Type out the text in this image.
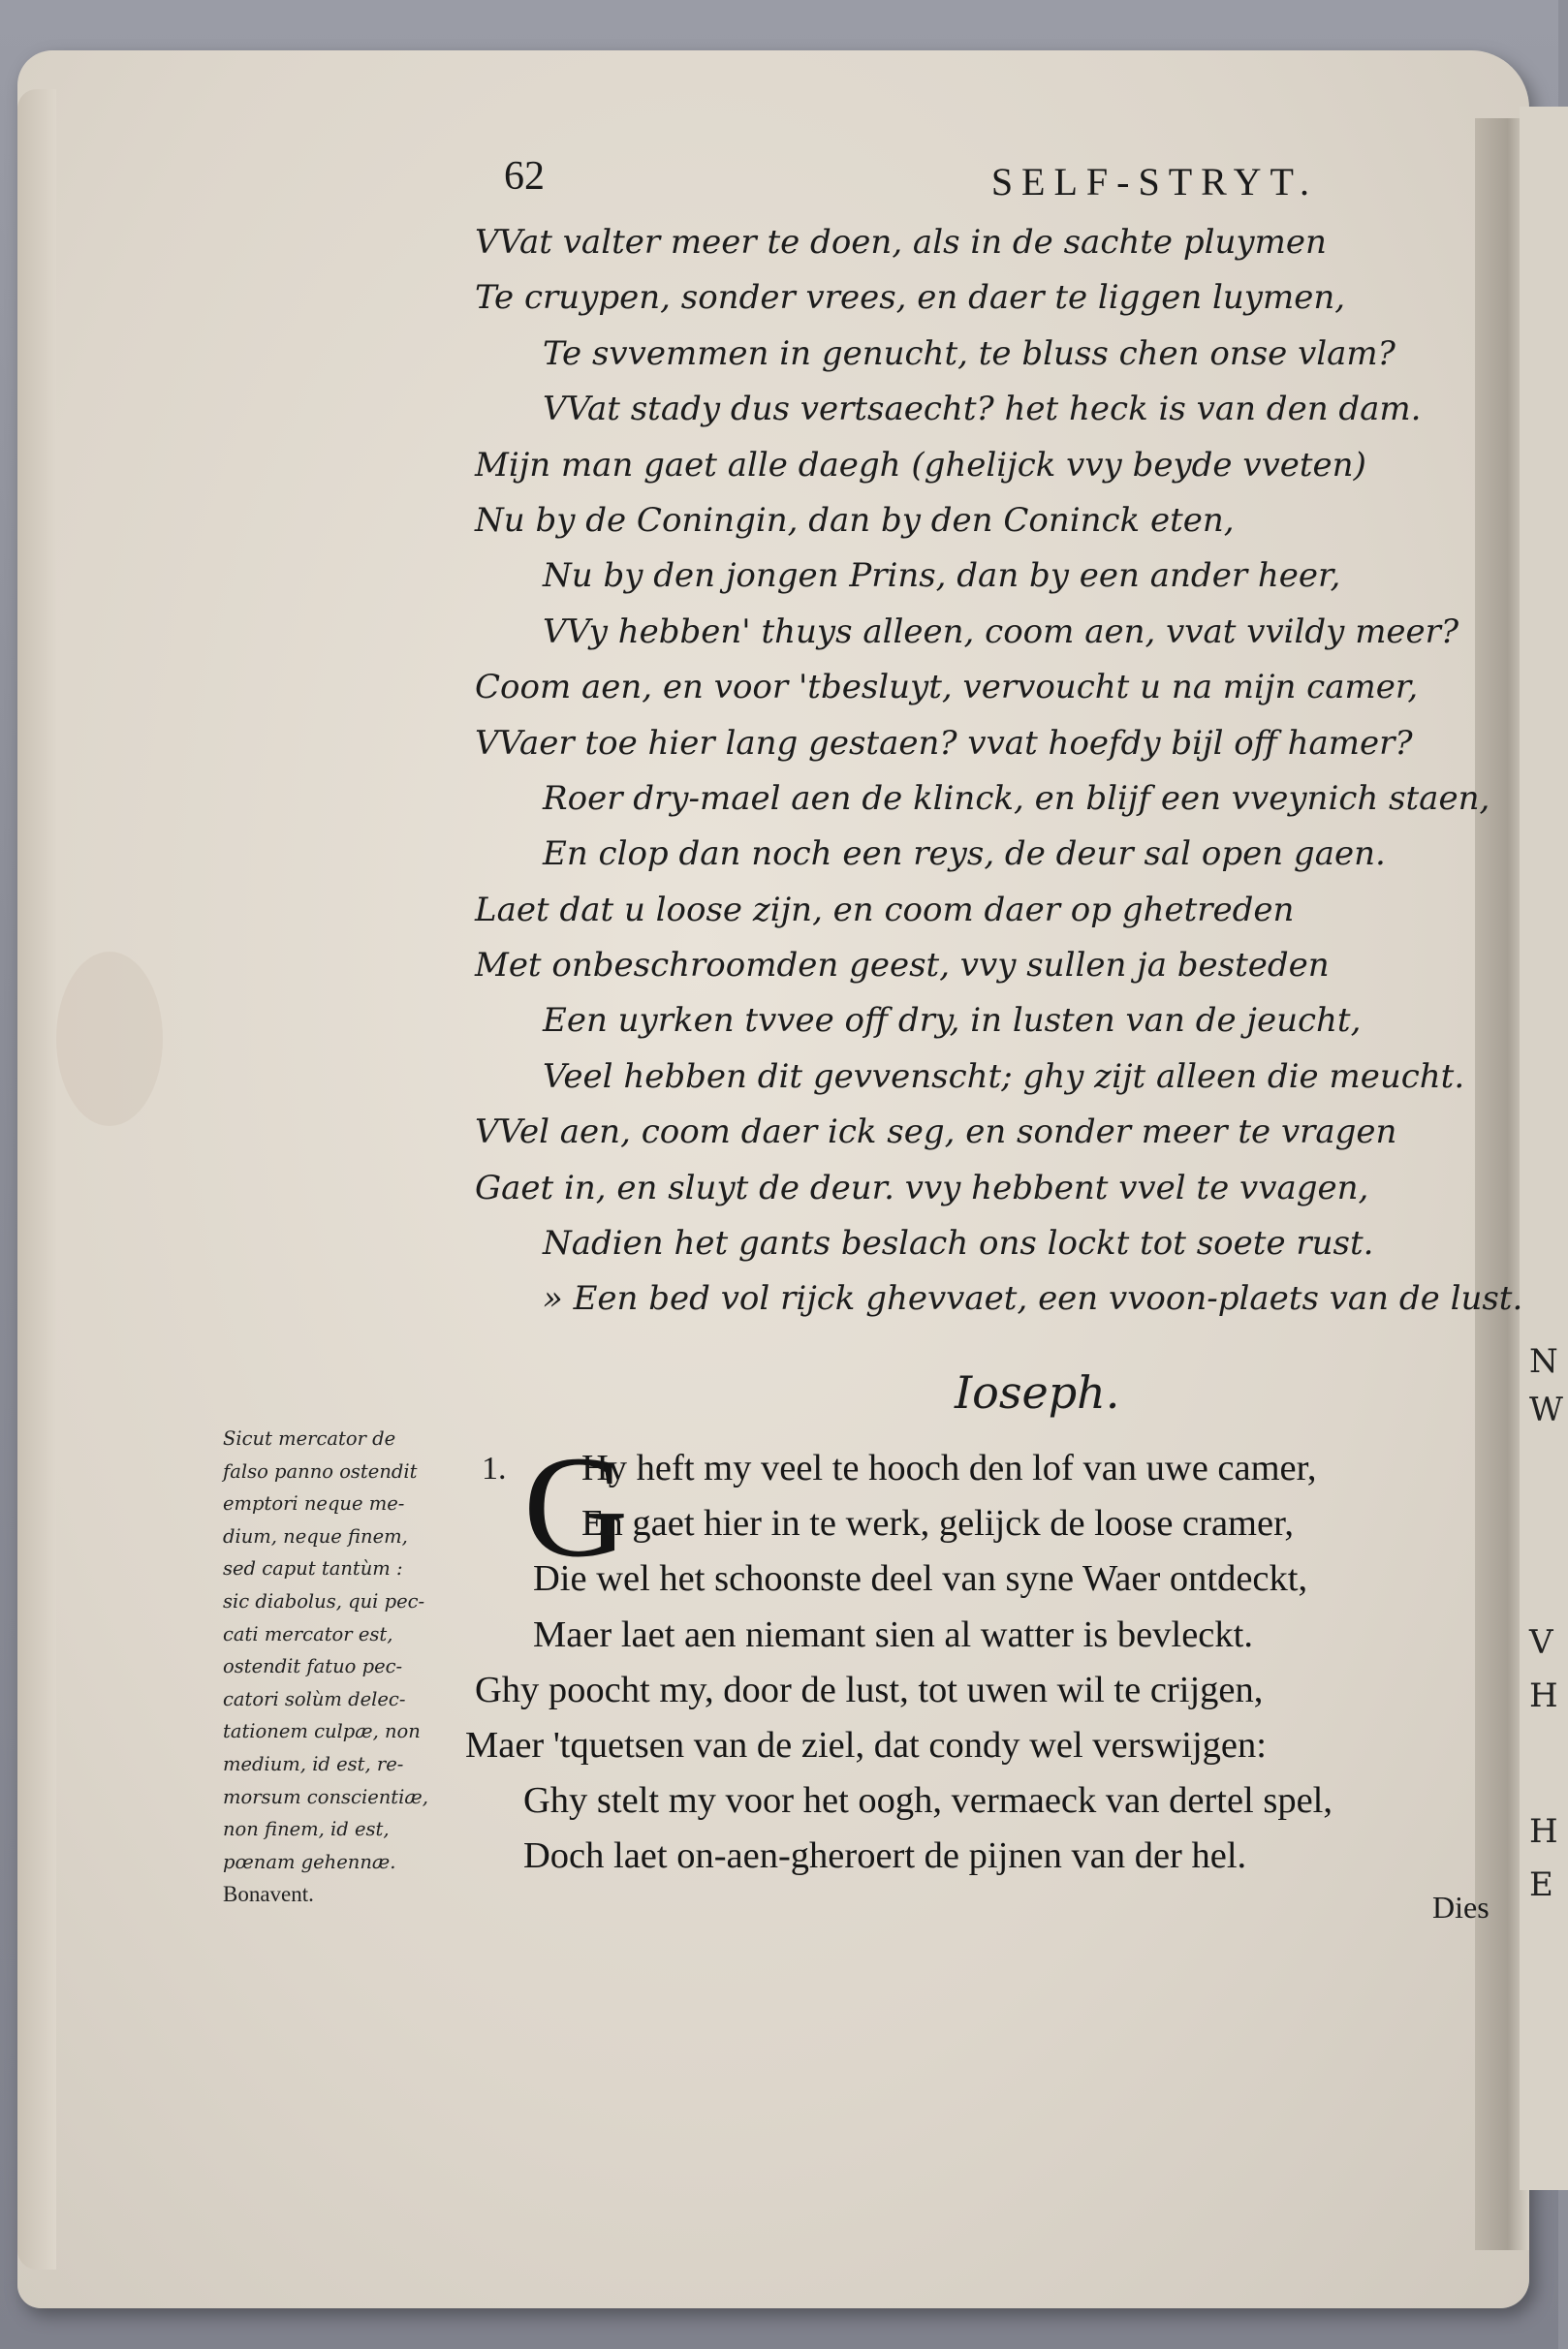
N
W
V
H
H
E
62	SELF-STRYT.
VVat valter meer te doen, als in de sachte pluymen
Te cruypen, sonder vrees, en daer te liggen luymen,
Te svvemmen in genucht, te bluss chen onse vlam?
VVat stady dus vertsaecht? het heck is van den dam.
Mijn man gaet alle daegh (ghelijck vvy beyde vveten)
Nu by de Coningin, dan by den Coninck eten,
Nu by den jongen Prins, dan by een ander heer,
VVy hebben' thuys alleen, coom aen, vvat vvildy meer?
Coom aen, en voor 'tbesluyt, vervoucht u na mijn camer,
VVaer toe hier lang gestaen? vvat hoefdy bijl off hamer?
Roer dry-mael aen de klinck, en blijf een vveynich staen,
En clop dan noch een reys, de deur sal open gaen.
Laet dat u loose zijn, en coom daer op ghetreden
Met onbeschroomden geest, vvy sullen ja besteden
Een uyrken tvvee off dry, in lusten van de jeucht,
Veel hebben dit gevvenscht; ghy zijt alleen die meucht.
VVel aen, coom daer ick seg, en sonder meer te vragen
Gaet in, en sluyt de deur. vvy hebbent vvel te vvagen,
Nadien het gants beslach ons lockt tot soete rust.
» Een bed vol rijck ghevvaet, een vvoon-plaets van de lust.
Ioseph.
Sicut mercator de
falso panno ostendit
emptori neque me-
dium, neque finem,
sed caput tantùm :
sic diabolus, qui pec-
cati mercator est,
ostendit fatuo pec-
catori solùm delec-
tationem culpæ, non
medium, id est, re-
morsum conscientiæ,
non finem, id est,
pœnam gehennæ.
Bonavent.
1. G
Hy heft my veel te hooch den lof van uwe camer,
En gaet hier in te werk, gelijck de loose cramer,
Die wel het schoonste deel van syne Waer ontdeckt,
Maer laet aen niemant sien al watter is bevleckt.
Ghy poocht my, door de lust, tot uwen wil te crijgen,
Maer 'tquetsen van de ziel, dat condy wel verswijgen:
Ghy stelt my voor het oogh, vermaeck van dertel spel,
Doch laet on-aen-gheroert de pijnen van der hel.
Dies
